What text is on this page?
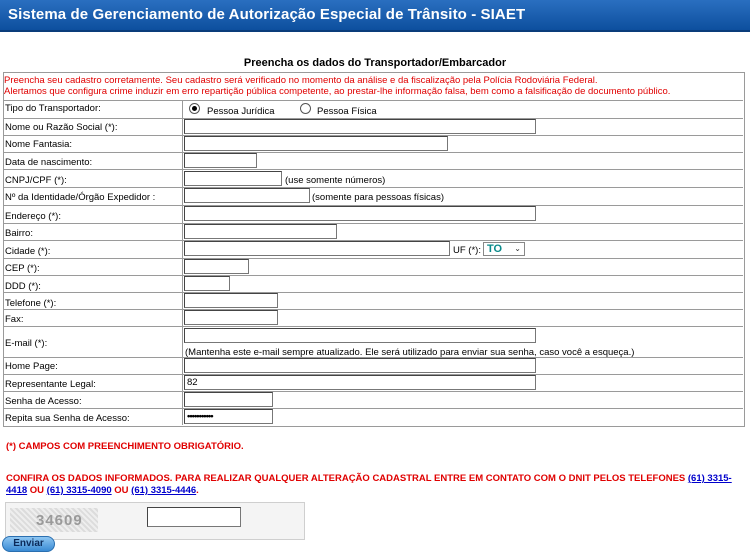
Sistema de Gerenciamento de Autorização Especial de Trânsito - SIAET
Preencha os dados do Transportador/Embarcador
Preencha seu cadastro corretamente. Seu cadastro será verificado no momento da análise e da fiscalização pela Polícia Rodoviária Federal.
Alertamos que configura crime induzir em erro repartição pública competente, ao prestar-lhe informação falsa, bem como a falsificação de documento público.
Tipo do Transportador:	Pessoa Jurídica	Pessoa Física
Nome ou Razão Social (*):
Nome Fantasia:
Data de nascimento:
CNPJ/CPF (*):	(use somente números)
Nº da Identidade/Órgão Expedidor :	(somente para pessoas físicas)
Endereço (*):
Bairro:
Cidade (*):	UF (*): TO ⌄
CEP (*):
DDD (*):
Telefone (*):
Fax:
E-mail (*):
(Mantenha este e-mail sempre atualizado. Ele será utilizado para enviar sua senha, caso você a esqueça.)
Home Page:
Representante Legal:
82
Senha de Acesso:
Repita sua Senha de Acesso:
•••••••••••
(*) CAMPOS COM PREENCHIMENTO OBRIGATÓRIO.
CONFIRA OS DADOS INFORMADOS. PARA REALIZAR QUALQUER ALTERAÇÃO CADASTRAL ENTRE EM CONTATO COM O DNIT PELOS TELEFONES (61) 3315-4418 OU (61) 3315-4090 OU (61) 3315-4446.
34609
Enviar
